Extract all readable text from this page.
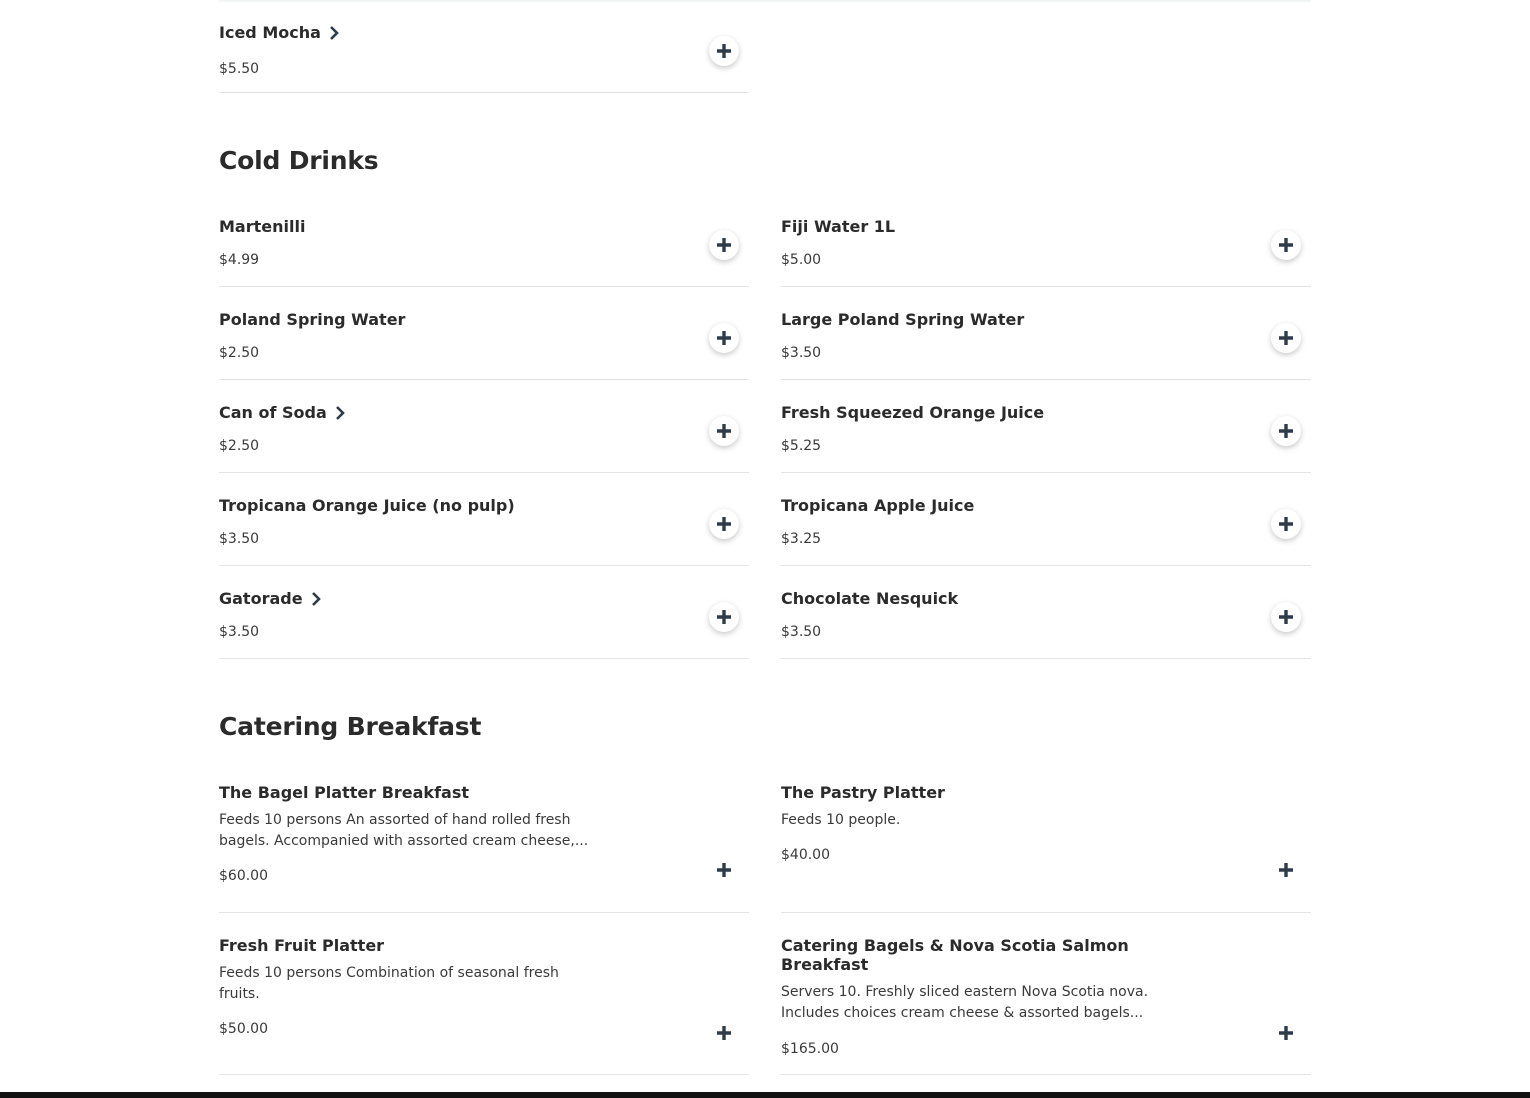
Iced Mocha
$5.50
Cold Drinks
Martenilli
$4.99
Fiji Water 1L
$5.00
Poland Spring Water
$2.50
Large Poland Spring Water
$3.50
Can of Soda
$2.50
Fresh Squeezed Orange Juice
$5.25
Tropicana Orange Juice (no pulp)
$3.50
Tropicana Apple Juice
$3.25
Gatorade
$3.50
Chocolate Nesquick
$3.50
Catering Breakfast
The Bagel Platter Breakfast
Feeds 10 persons An assorted of hand rolled fresh bagels. Accompanied with assorted cream cheese,...
$60.00
The Pastry Platter
Feeds 10 people.
$40.00
Fresh Fruit Platter
Feeds 10 persons Combination of seasonal fresh fruits.
$50.00
Catering Bagels & Nova Scotia Salmon Breakfast
Servers 10. Freshly sliced eastern Nova Scotia nova. Includes choices cream cheese & assorted bagels...
$165.00
